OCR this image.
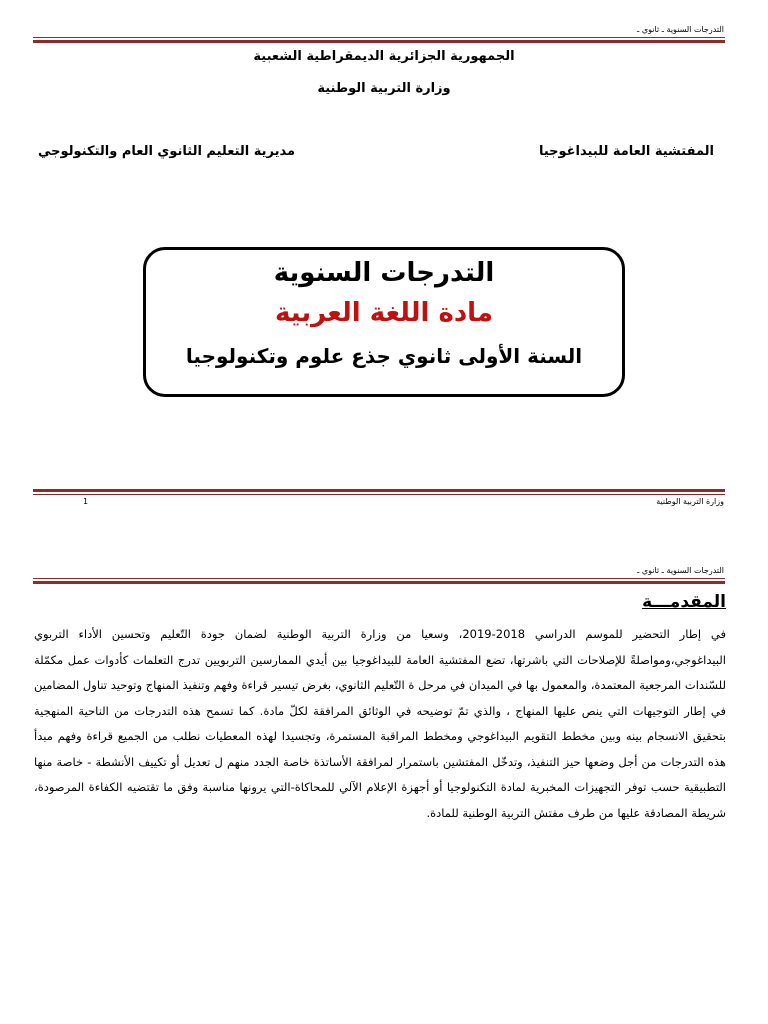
التدرجات السنوية ـ ثانوي ـ
الجمهورية الجزائرية الديمقراطية الشعبية
وزارة التربية الوطنية
المفتشية العامة للبيداغوجيا
مديرية التعليم الثانوي العام والتكنولوجي
التدرجات السنوية
مادة اللغة العربية
السنة الأولى ثانوي جذع علوم وتكنولوجيا
وزارة التربية الوطنية
1
التدرجات السنوية ـ ثانوي ـ
المقدمـــة

في إطار التحضير للموسم الدراسي 2018-2019، وسعيا من وزارة التربية الوطنية لضمان جودة التّعليم وتحسين الأداء التربوي البيداغوجي،ومواصلةً للإصلاحات التي باشرتها، تضع المفتشية العامة للبيداغوجيا بين أيدي الممارسين التربويين تدرج التعلمات كأدوات عمل مكمّلة للسّندات المرجعية المعتمدة، والمعمول بها في الميدان في مرحل ة التّعليم الثانوي، بغرض تيسير قراءة وفهم وتنفيذ المنهاج وتوحيد تناول المضامين في إطار التوجيهات التي ينص عليها المنهاج ، والذي تمّ توضيحه في الوثائق المرافقة لكلّ مادة. كما تسمح هذه التدرجات من الناحية المنهجية بتحقيق الانسجام بينه وبين مخطط التقويم البيداغوجي ومخطط المراقبة المستمرة، وتجسيدا لهذه المعطيات نطلب من الجميع قراءة وفهم مبدأ هذه التدرجات من أجل وضعها حيز التنفيذ، وتدخّل المفتشين باستمرار لمرافقة الأساتذة خاصة الجدد منهم ل تعديل أو تكييف الأنشطة - خاصة منها التطبيقية حسب توفر التجهيزات المخبرية لمادة التكنولوجيا أو أجهزة الإعلام الآلي للمحاكاة-التي يرونها مناسبة وفق ما تقتضيه الكفاءة المرصودة، شريطة المصادقة عليها من طرف مفتش التربية الوطنية للمادة.
